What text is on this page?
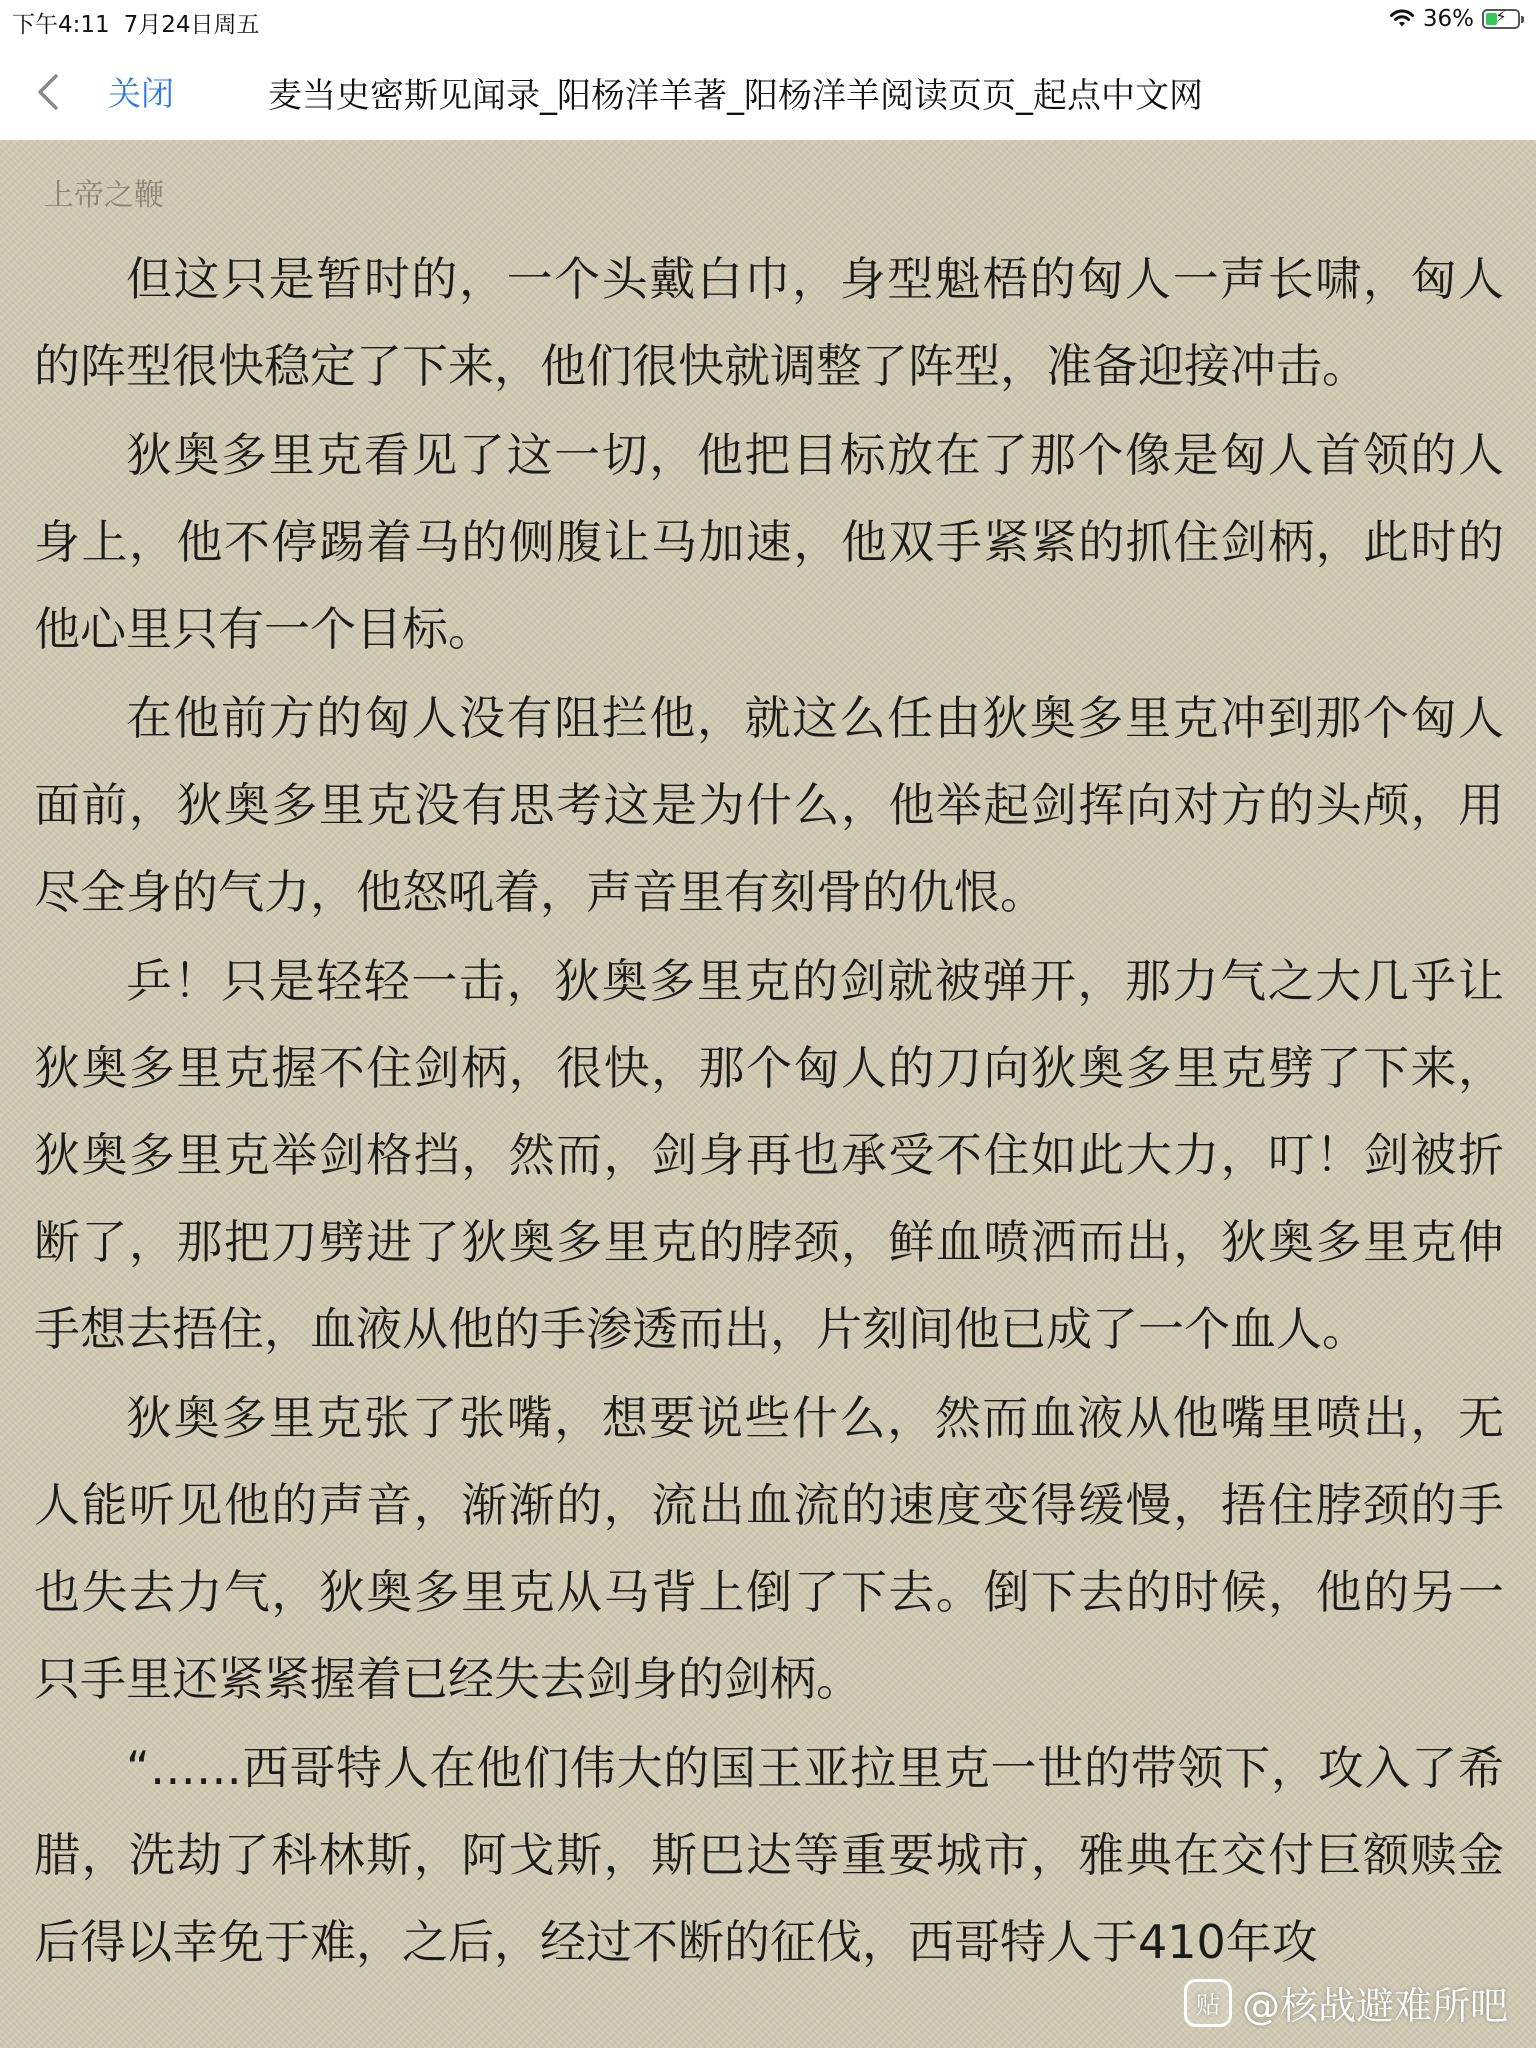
下午4:11 7月24日周五	36%	⚡
关闭	麦当史密斯见闻录_阳杨洋羊著_阳杨洋羊阅读页页_起点中文网
上帝之鞭

但这只是暂时的，一个头戴白巾，身型魁梧的匈人一声长啸，匈人的阵型很快稳定了下来，他们很快就调整了阵型，准备迎接冲击。

狄奥多里克看见了这一切，他把目标放在了那个像是匈人首领的人身上，他不停踢着马的侧腹让马加速，他双手紧紧的抓住剑柄，此时的他心里只有一个目标。

在他前方的匈人没有阻拦他，就这么任由狄奥多里克冲到那个匈人面前，狄奥多里克没有思考这是为什么，他举起剑挥向对方的头颅，用尽全身的气力，他怒吼着，声音里有刻骨的仇恨。

乒！只是轻轻一击，狄奥多里克的剑就被弹开，那力气之大几乎让狄奥多里克握不住剑柄，很快，那个匈人的刀向狄奥多里克劈了下来，狄奥多里克举剑格挡，然而，剑身再也承受不住如此大力，叮！剑被折断了，那把刀劈进了狄奥多里克的脖颈，鲜血喷洒而出，狄奥多里克伸手想去捂住，血液从他的手渗透而出，片刻间他已成了一个血人。

狄奥多里克张了张嘴，想要说些什么，然而血液从他嘴里喷出，无人能听见他的声音，渐渐的，流出血流的速度变得缓慢，捂住脖颈的手也失去力气，狄奥多里克从马背上倒了下去。倒下去的时候，他的另一只手里还紧紧握着已经失去剑身的剑柄。

“……西哥特人在他们伟大的国王亚拉里克一世的带领下，攻入了希腊，洗劫了科林斯，阿戈斯，斯巴达等重要城市，雅典在交付巨额赎金后得以幸免于难，之后，经过不断的征伐，西哥特人于410年攻

贴 @核战避难所吧
